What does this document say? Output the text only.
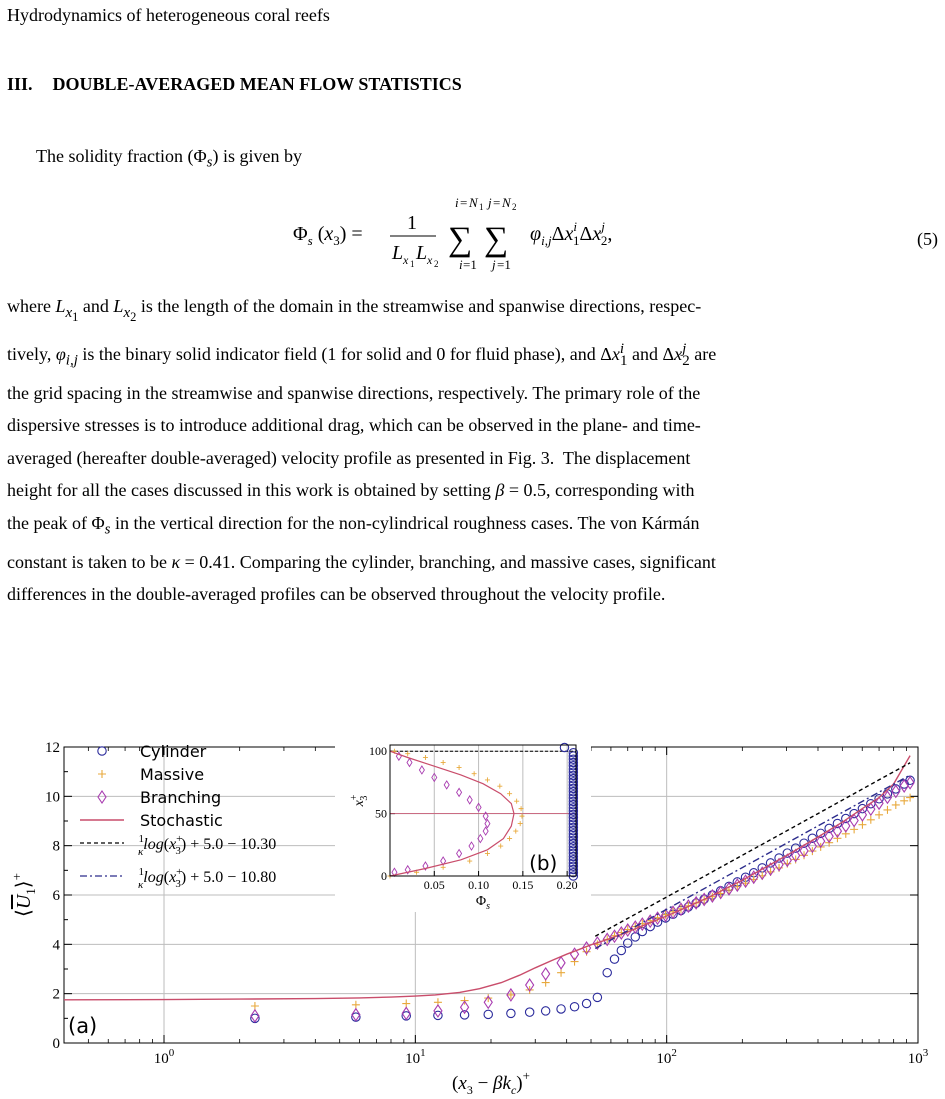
Hydrodynamics of heterogeneous coral reefs
III. DOUBLE-AVERAGED MEAN FLOW STATISTICS
The solidity fraction $(\Phi_s)$ is given by
$\Phi_s$ $(x_3) = 1$
L x 1 L x 2
i = N 1
∑
i =1
j = N 2
∑
j =1
$\varphi_{i,j}\Delta x^i$ $1\Delta x^j$ 2,	(5)

where $L_{x_1}$ and $L_{x_2}$ is the length of the domain in the streamwise and spanwise directions, respec-

tively, $\varphi_{i,j}$ is the binary solid indicator field (1 for solid and 0 for fluid phase), and $\Delta x^i_1$ and $\Delta x^j_2$ are

the grid spacing in the streamwise and spanwise directions, respectively. The primary role of the

dispersive stresses is to introduce additional drag, which can be observed in the plane- and time-

averaged (hereafter double-averaged) velocity profile as presented in Fig. 3.  The displacement

height for all the cases discussed in this work is obtained by setting β = 0.5, corresponding with

the peak of $\Phi_s$ in the vertical direction for the non-cylindrical roughness cases. The von Kármán

constant is taken to be κ = 0.41. Comparing the cylinder, branching, and massive cases, significant

differences in the double-averaged profiles can be observed throughout the velocity profile.

$10^0$	$10^1$	$10^2$	$10^3$
0
2
4
6
8
10
12
$(x_3 - \beta k_c)^+$
$⟨U_1⟩^+$
Cylinder
Massive
Branching
Stochastic
$^1$ κlog(x+ 3) + 5.0 − 10.30
$^1$ κlog(x+ 3) + 5.0 − 10.80
(a)
0.05 0.10 0.15 0.20
0
50
100
$\Phi_s$
x+3
(b)
